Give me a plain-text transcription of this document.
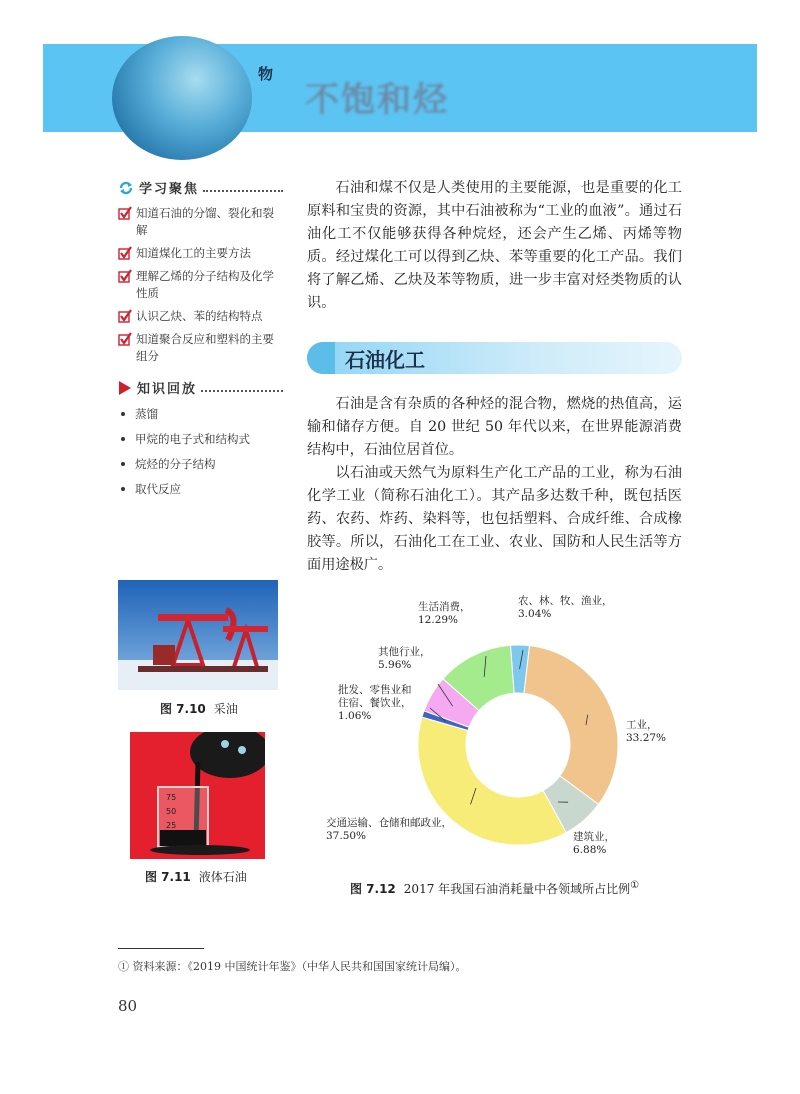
物
不饱和烃
学习聚焦
知道石油的分馏、裂化和裂解
知道煤化工的主要方法
理解乙烯的分子结构及化学性质
认识乙炔、苯的结构特点
知道聚合反应和塑料的主要组分
知识回放
蒸馏
甲烷的电子式和结构式
烷烃的分子结构
取代反应

石油和煤不仅是人类使用的主要能源，也是重要的化工原料和宝贵的资源，其中石油被称为“工业的血液”。通过石油化工不仅能够获得各种烷烃，还会产生乙烯、丙烯等物质。经过煤化工可以得到乙炔、苯等重要的化工产品。我们将了解乙烯、乙炔及苯等物质，进一步丰富对烃类物质的认识。

石油化工

石油是含有杂质的各种烃的混合物，燃烧的热值高，运输和储存方便。自 20 世纪 50 年代以来，在世界能源消费结构中，石油位居首位。

以石油或天然气为原料生产化工产品的工业，称为石油化学工业（简称石油化工）。其产品多达数千种，既包括医药、农药、炸药、染料等，也包括塑料、合成纤维、合成橡胶等。所以，石油化工在工业、农业、国防和人民生活等方面用途极广。

图 7.10 采油
75
50
25
图 7.11 液体石油
农、林、牧、渔业，
3.04%
工业，
33.27%
建筑业，
6.88%
交通运输、仓储和邮政业，
37.50%
批发、零售业和
住宿、餐饮业，
1.06%
其他行业，
5.96%
生活消费，
12.29%
图 7.12 2017 年我国石油消耗量中各领域所占比例①
① 资料来源：《2019 中国统计年鉴》（中华人民共和国国家统计局编）。
80
